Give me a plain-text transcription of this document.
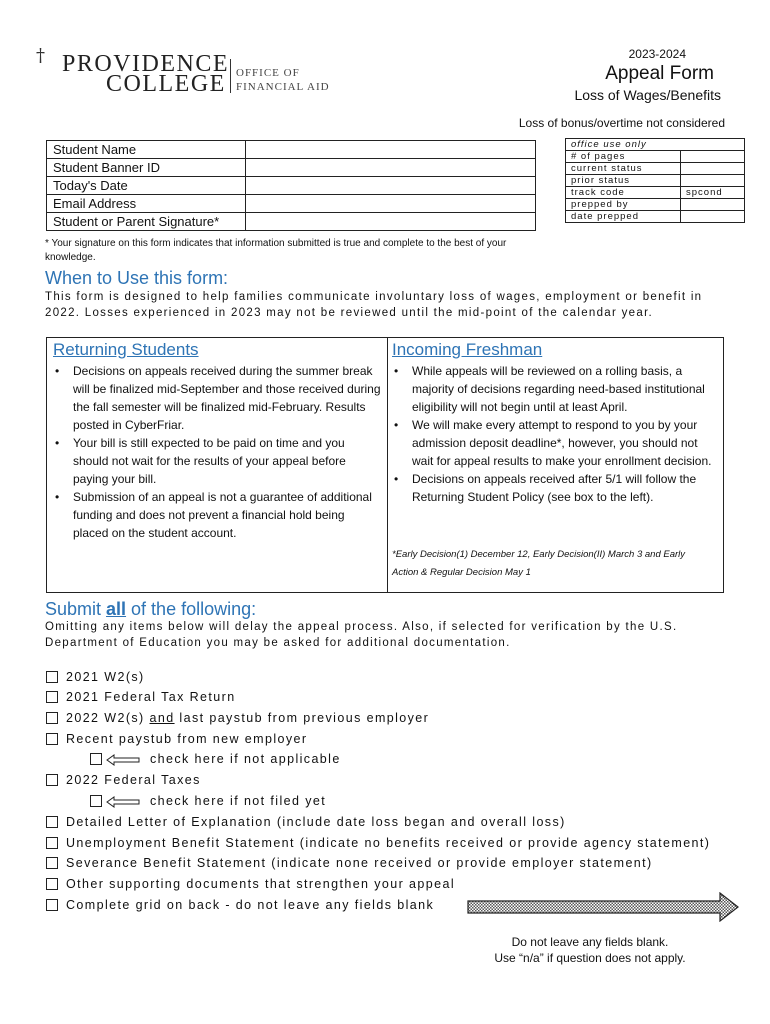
† PROVIDENCE
COLLEGE OFFICE OF
FINANCIAL AID
2023-2024
Appeal Form
Loss of Wages/Benefits
Loss of bonus/overtime not considered
Student Name	
Student Banner ID	
Today's Date	
Email Address	
Student or Parent Signature*	
office use only	
# of pages	
current status	
prior status	
track code	spcond
prepped by	
date prepped	
* Your signature on this form indicates that information submitted is true and complete to the best of your knowledge.
When to Use this form:
This form is designed to help families communicate involuntary loss of wages, employment or benefit in 2022. Losses experienced in 2023 may not be reviewed until the mid-point of the calendar year.
Returning Students
• Decisions on appeals received during the summer break will be finalized mid-September and those received during the fall semester will be finalized mid-February. Results posted in CyberFriar.
• Your bill is still expected to be paid on time and you should not wait for the results of your appeal before paying your bill.
• Submission of an appeal is not a guarantee of additional funding and does not prevent a financial hold being placed on the student account.
Incoming Freshman
• While appeals will be reviewed on a rolling basis, a majority of decisions regarding need-based institutional eligibility will not begin until at least April.
• We will make every attempt to respond to you by your admission deposit deadline*, however, you should not wait for appeal results to make your enrollment decision.
• Decisions on appeals received after 5/1 will follow the Returning Student Policy (see box to the left).
*Early Decision(1) December 12, Early Decision(II) March 3 and Early Action & Regular Decision May 1
Submit all of the following:
Omitting any items below will delay the appeal process. Also, if selected for verification by the U.S. Department of Education you may be asked for additional documentation.
2021 W2(s)
2021 Federal Tax Return
2022 W2(s) and last paystub from previous employer
Recent paystub from new employer
check here if not applicable
2022 Federal Taxes
check here if not filed yet
Detailed Letter of Explanation (include date loss began and overall loss)
Unemployment Benefit Statement (indicate no benefits received or provide agency statement)
Severance Benefit Statement (indicate none received or provide employer statement)
Other supporting documents that strengthen your appeal
Complete grid on back - do not leave any fields blank
Do not leave any fields blank.
Use “n/a” if question does not apply.
